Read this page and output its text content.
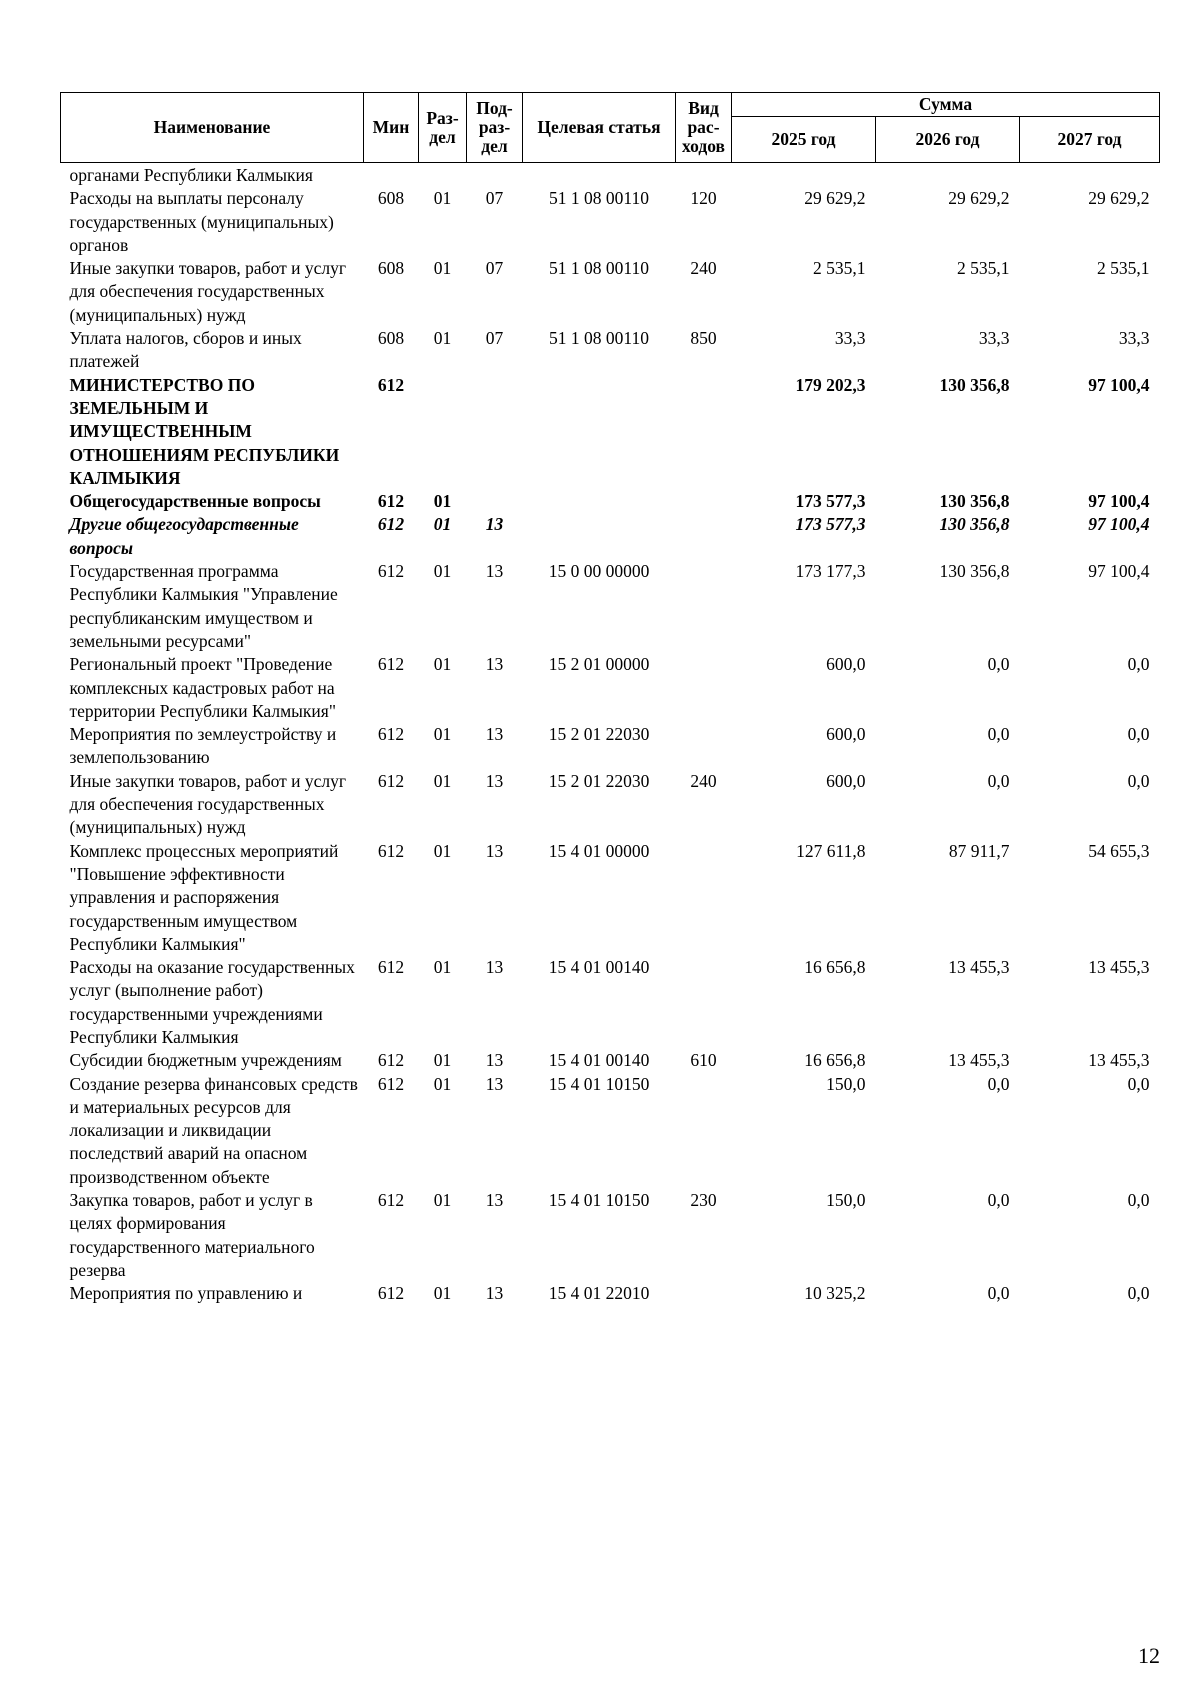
Наименование	Мин	Раз-дел	Под-раз-дел	Целевая статья	Вид рас-ходов	Сумма		
						2025 год	2026 год	2027 год
органами Республики Калмыкия								
Расходы на выплаты персоналу государственных (муниципальных) органов	608	01	07	51 1 08 00110	120	29 629,2	29 629,2	29 629,2
Иные закупки товаров, работ и услуг для обеспечения государственных (муниципальных) нужд	608	01	07	51 1 08 00110	240	2 535,1	2 535,1	2 535,1
Уплата налогов, сборов и иных платежей	608	01	07	51 1 08 00110	850	33,3	33,3	33,3
МИНИСТЕРСТВО ПО ЗЕМЕЛЬНЫМ И ИМУЩЕСТВЕННЫМ ОТНОШЕНИЯМ РЕСПУБЛИКИ КАЛМЫКИЯ	612					179 202,3	130 356,8	97 100,4
Общегосударственные вопросы	612	01				173 577,3	130 356,8	97 100,4
Другие общегосударственные вопросы	612	01	13			173 577,3	130 356,8	97 100,4
Государственная программа Республики Калмыкия "Управление республиканским имуществом и земельными ресурсами"	612	01	13	15 0 00 00000		173 177,3	130 356,8	97 100,4
Региональный проект "Проведение комплексных кадастровых работ на территории Республики Калмыкия"	612	01	13	15 2 01 00000		600,0	0,0	0,0
Мероприятия по землеустройству и землепользованию	612	01	13	15 2 01 22030		600,0	0,0	0,0
Иные закупки товаров, работ и услуг для обеспечения государственных (муниципальных) нужд	612	01	13	15 2 01 22030	240	600,0	0,0	0,0
Комплекс процессных мероприятий "Повышение эффективности управления и распоряжения государственным имуществом Республики Калмыкия"	612	01	13	15 4 01 00000		127 611,8	87 911,7	54 655,3
Расходы на оказание государственных услуг (выполнение работ) государственными учреждениями Республики Калмыкия	612	01	13	15 4 01 00140		16 656,8	13 455,3	13 455,3
Субсидии бюджетным учреждениям	612	01	13	15 4 01 00140	610	16 656,8	13 455,3	13 455,3
Создание резерва финансовых средств и материальных ресурсов для локализации и ликвидации последствий аварий на опасном производственном объекте	612	01	13	15 4 01 10150		150,0	0,0	0,0
Закупка товаров, работ и услуг в целях формирования государственного материального резерва	612	01	13	15 4 01 10150	230	150,0	0,0	0,0
Мероприятия по управлению и	612	01	13	15 4 01 22010		10 325,2	0,0	0,0
12
